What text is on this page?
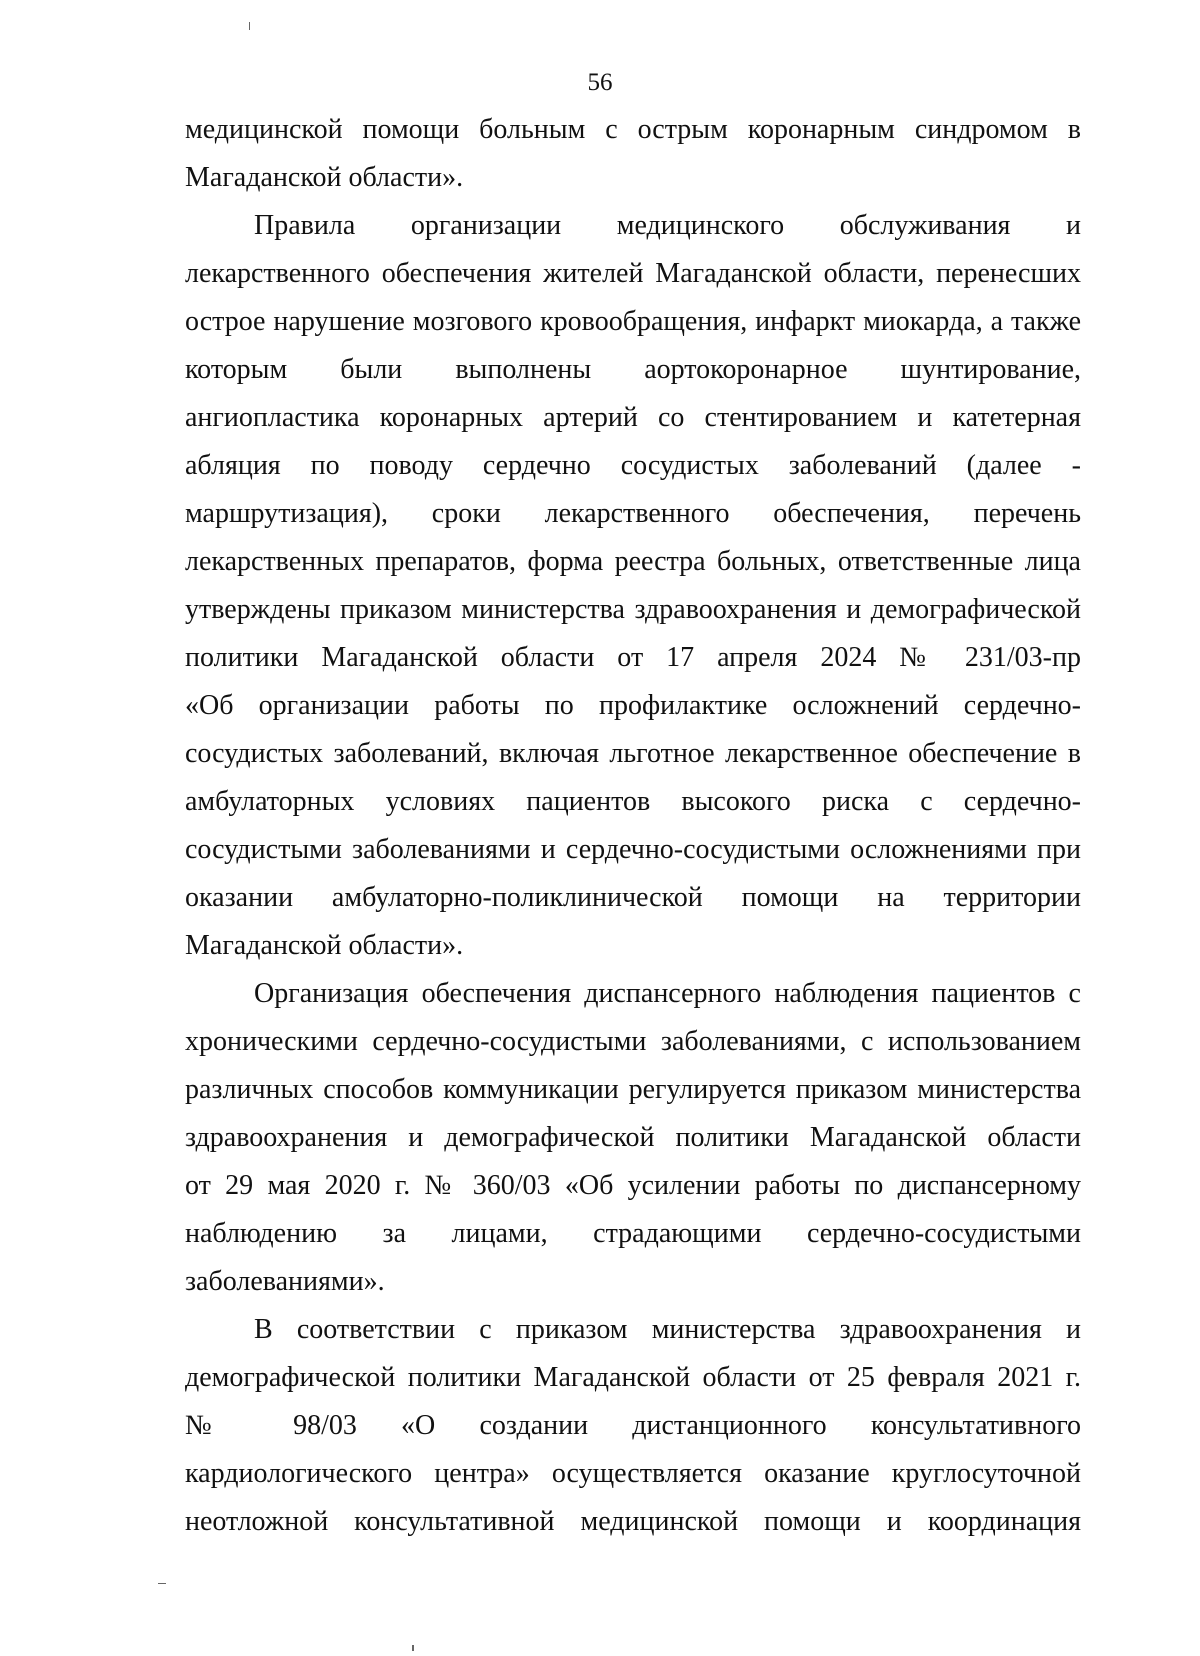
56
медицинской помощи больным с острым коронарным синдромом в
Магаданской области».
Правила организации медицинского обслуживания и
лекарственного обеспечения жителей Магаданской области, перенесших
острое нарушение мозгового кровообращения, инфаркт миокарда, а также
которым были выполнены аортокоронарное шунтирование,
ангиопластика коронарных артерий со стентированием и катетерная
абляция по поводу сердечно сосудистых заболеваний (далее -
маршрутизация), сроки лекарственного обеспечения, перечень
лекарственных препаратов, форма реестра больных, ответственные лица
утверждены приказом министерства здравоохранения и демографической
политики Магаданской области от 17 апреля 2024 № 231/03-пр
«Об организации работы по профилактике осложнений сердечно-
сосудистых заболеваний, включая льготное лекарственное обеспечение в
амбулаторных условиях пациентов высокого риска с сердечно-
сосудистыми заболеваниями и сердечно-сосудистыми осложнениями при
оказании амбулаторно-поликлинической помощи на территории
Магаданской области».
Организация обеспечения диспансерного наблюдения пациентов с
хроническими сердечно-сосудистыми заболеваниями, с использованием
различных способов коммуникации регулируется приказом министерства
здравоохранения и демографической политики Магаданской области
от 29 мая 2020 г. № 360/03 «Об усилении работы по диспансерному
наблюдению за лицами, страдающими сердечно-сосудистыми
заболеваниями».
В соответствии с приказом министерства здравоохранения и
демографической политики Магаданской области от 25 февраля 2021 г.
№ 98/03 «О создании дистанционного консультативного
кардиологического центра» осуществляется оказание круглосуточной
неотложной консультативной медицинской помощи и координация
